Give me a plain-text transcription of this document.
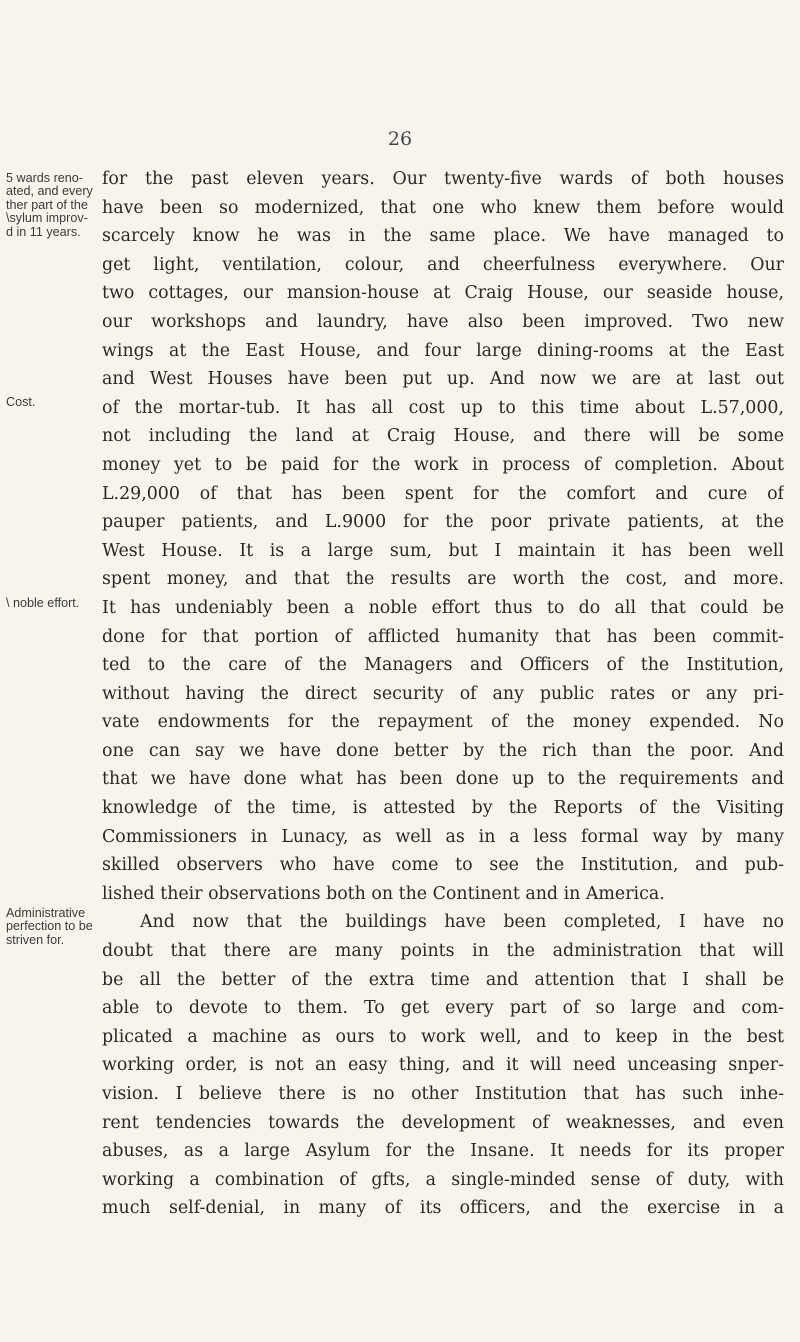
26
5 wards reno-
ated, and every
ther part of the
\sylum improv-
d in 11 years.
Cost.
\ noble effort.
Administrative
perfection to be
striven for.
for the past eleven years. Our twenty-five wards of both houses
have been so modernized, that one who knew them before would
scarcely know he was in the same place. We have managed to
get light, ventilation, colour, and cheerfulness everywhere. Our
two cottages, our mansion-house at Craig House, our seaside house,
our workshops and laundry, have also been improved. Two new
wings at the East House, and four large dining-rooms at the East
and West Houses have been put up. And now we are at last out
of the mortar-tub. It has all cost up to this time about L.57,000,
not including the land at Craig House, and there will be some
money yet to be paid for the work in process of completion. About
L.29,000 of that has been spent for the comfort and cure of
pauper patients, and L.9000 for the poor private patients, at the
West House. It is a large sum, but I maintain it has been well
spent money, and that the results are worth the cost, and more.
It has undeniably been a noble effort thus to do all that could be
done for that portion of afflicted humanity that has been commit-
ted to the care of the Managers and Officers of the Institution,
without having the direct security of any public rates or any pri-
vate endowments for the repayment of the money expended. No
one can say we have done better by the rich than the poor. And
that we have done what has been done up to the requirements and
knowledge of the time, is attested by the Reports of the Visiting
Commissioners in Lunacy, as well as in a less formal way by many
skilled observers who have come to see the Institution, and pub-
lished their observations both on the Continent and in America.
And now that the buildings have been completed, I have no
doubt that there are many points in the administration that will
be all the better of the extra time and attention that I shall be
able to devote to them. To get every part of so large and com-
plicated a machine as ours to work well, and to keep in the best
working order, is not an easy thing, and it will need unceasing snper-
vision. I believe there is no other Institution that has such inhe-
rent tendencies towards the development of weaknesses, and even
abuses, as a large Asylum for the Insane. It needs for its proper
working a combination of gfts, a single-minded sense of duty, with
much self-denial, in many of its officers, and the exercise in a
